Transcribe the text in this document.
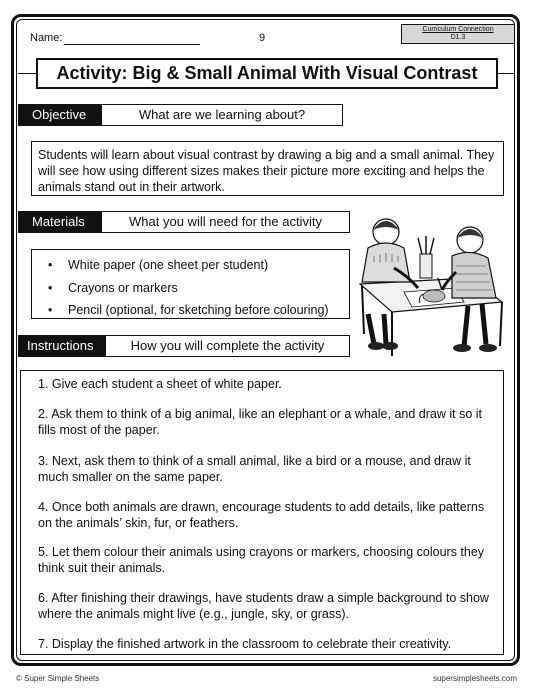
Name:	9
Curriculum Connection
D1.3
Activity: Big & Small Animal With Visual Contrast
Objective	What are we learning about?
Students will learn about visual contrast by drawing a big and a small animal. They will see how using different sizes makes their picture more exciting and helps the animals stand out in their artwork.
Materials	What you will need for the activity
• White paper (one sheet per student)
• Crayons or markers
• Pencil (optional, for sketching before colouring)
Instructions	How you will complete the activity
1. Give each student a sheet of white paper.
2. Ask them to think of a big animal, like an elephant or a whale, and draw it so it fills most of the paper.
3. Next, ask them to think of a small animal, like a bird or a mouse, and draw it much smaller on the same paper.
4. Once both animals are drawn, encourage students to add details, like patterns on the animals’ skin, fur, or feathers.
5. Let them colour their animals using crayons or markers, choosing colours they think suit their animals.
6. After finishing their drawings, have students draw a simple background to show where the animals might live (e.g., jungle, sky, or grass).
7. Display the finished artwork in the classroom to celebrate their creativity.
© Super Simple Sheets	supersimplesheets.com
